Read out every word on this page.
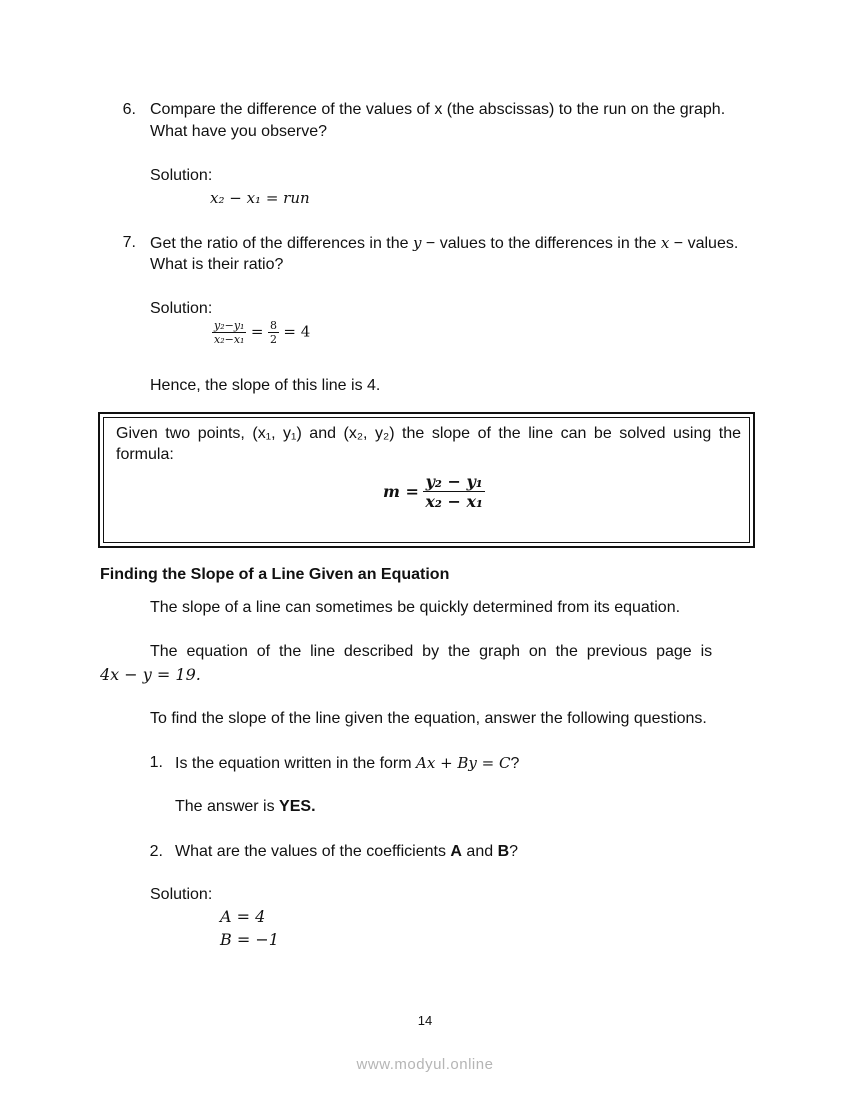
6. Compare the difference of the values of x (the abscissas) to the run on the graph.
What have you observe?
Solution:
x₂ − x₁ = run
7. Get the ratio of the differences in the y − values to the differences in the x − values.
What is their ratio?
Solution:
$\frac{\text{y₂−y₁}}{\text{x₂−x₁}} = \frac{8}{2} = 4$
Hence, the slope of this line is 4.
Given two points, (x₁, y₁) and (x₂, y₂) the slope of the line can be solved using the formula:
$m = \frac{\text{y₂ − y₁}}{\text{x₂ − x₁}}$
Finding the Slope of a Line Given an Equation
The slope of a line can sometimes be quickly determined from its equation.
The  equation  of  the  line  described  by  the  graph  on  the  previous  page  is
4x − y = 19.
To find the slope of the line given the equation, answer the following questions.
1. Is the equation written in the form Ax + By = C?
The answer is YES.
2. What are the values of the coefficients A and B?
Solution:
A = 4
B = −1
14
www.modyul.online
